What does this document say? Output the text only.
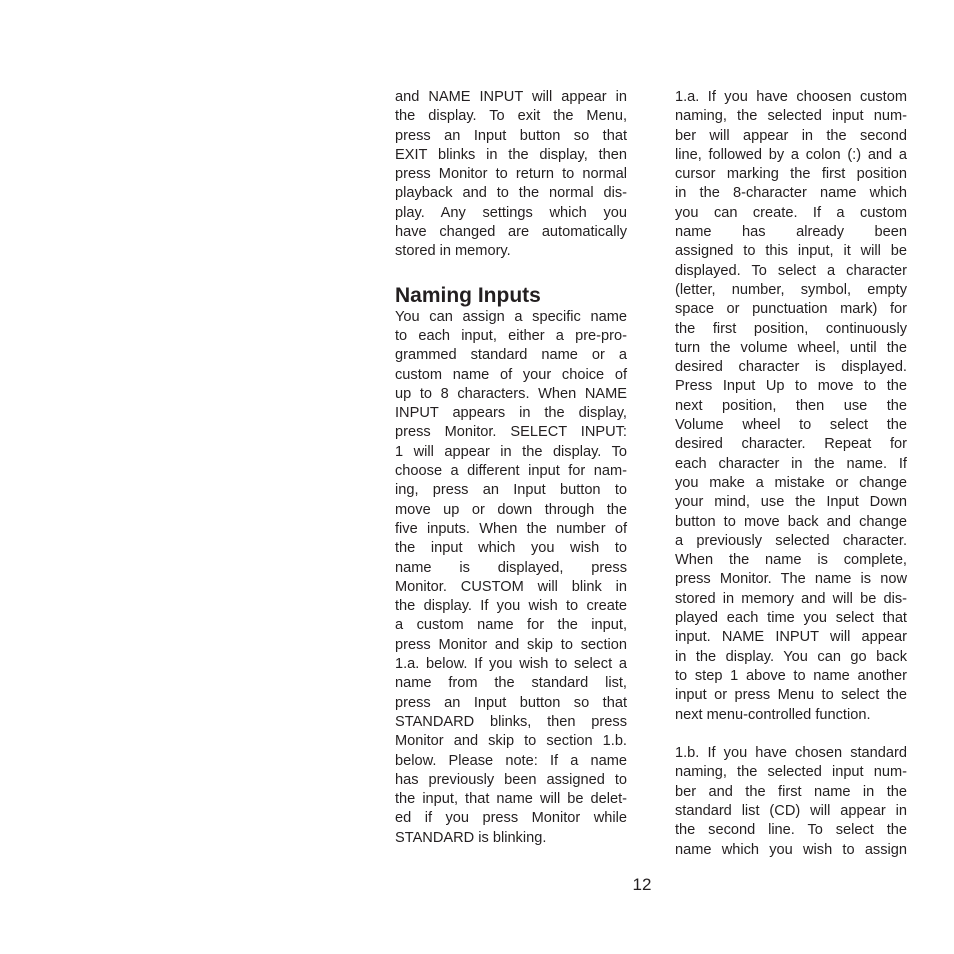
and NAME INPUT will appear in
the display. To exit the Menu,
press an Input button so that
EXIT blinks in the display, then
press Monitor to return to normal
playback and to the normal dis-
play. Any settings which you
have changed are automatically
stored in memory.
Naming Inputs
You can assign a specific name
to each input, either a pre-pro-
grammed standard name or a
custom name of your choice of
up to 8 characters. When NAME
INPUT appears in the display,
press Monitor. SELECT INPUT:
1 will appear in the display. To
choose a different input for nam-
ing, press an Input button to
move up or down through the
five inputs. When the number of
the input which you wish to
name is displayed, press
Monitor. CUSTOM will blink in
the display. If you wish to create
a custom name for the input,
press Monitor and skip to section
1.a. below. If you wish to select a
name from the standard list,
press an Input button so that
STANDARD blinks, then press
Monitor and skip to section 1.b.
below. Please note: If a name
has previously been assigned to
the input, that name will be delet-
ed if you press Monitor while
STANDARD is blinking.
1.a. If you have choosen custom
naming, the selected input num-
ber will appear in the second
line, followed by a colon (:) and a
cursor marking the first position
in the 8-character name which
you can create. If a custom
name has already been
assigned to this input, it will be
displayed. To select a character
(letter, number, symbol, empty
space or punctuation mark) for
the first position, continuously
turn the volume wheel, until the
desired character is displayed.
Press Input Up to move to the
next position, then use the
Volume wheel to select the
desired character. Repeat for
each character in the name. If
you make a mistake or change
your mind, use the Input Down
button to move back and change
a previously selected character.
When the name is complete,
press Monitor. The name is now
stored in memory and will be dis-
played each time you select that
input. NAME INPUT will appear
in the display. You can go back
to step 1 above to name another
input or press Menu to select the
next menu-controlled function.
1.b. If you have chosen standard
naming, the selected input num-
ber and the first name in the
standard list (CD) will appear in
the second line. To select the
name which you wish to assign
12
